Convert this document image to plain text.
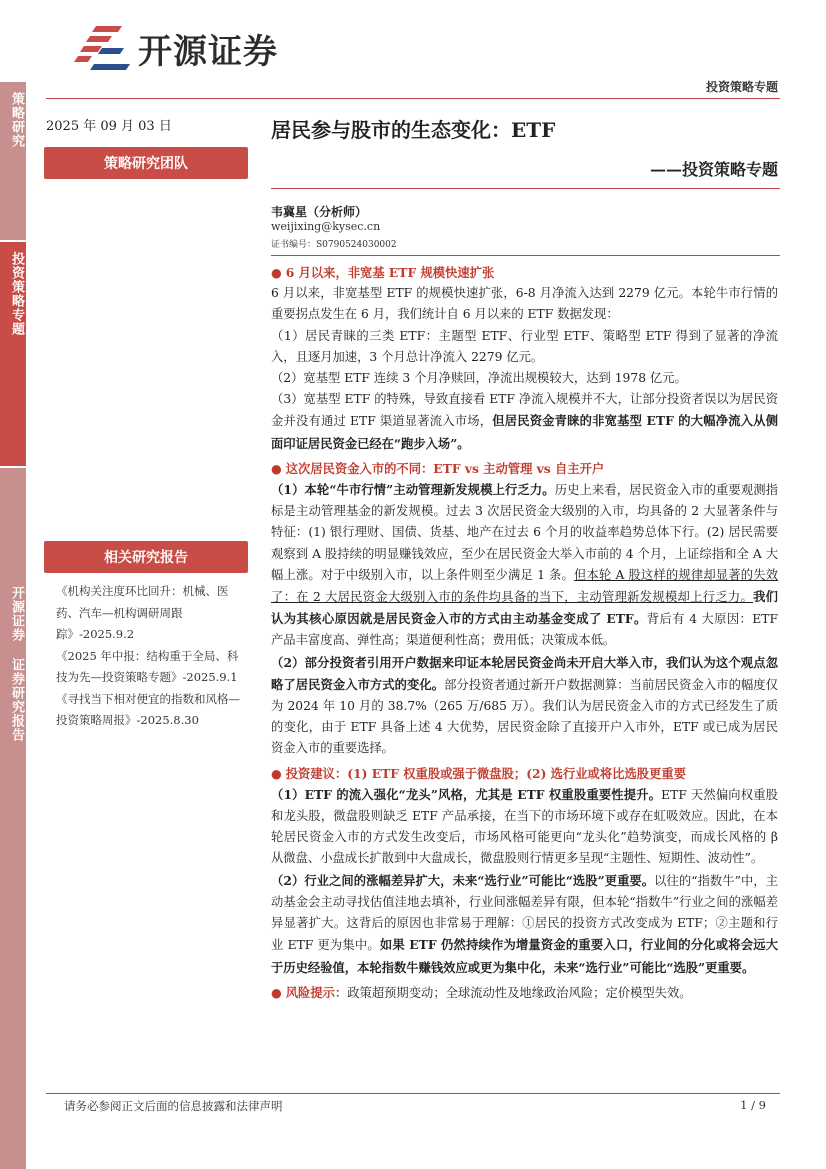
开源证券
投资策略专题
策略研究
投资策略专题
开源证券 证券研究报告
2025 年 09 月 03 日
策略研究团队
相关研究报告
《机构关注度环比回升：机械、医药、汽车—机构调研周跟踪》-2025.9.2
《2025 年中报：结构重于全局、科技为先—投资策略专题》-2025.9.1
《寻找当下相对便宜的指数和风格—投资策略周报》-2025.8.30
居民参与股市的生态变化：ETF
——投资策略专题
韦冀星（分析师）
weijixing@kysec.cn
证书编号：S0790524030002
● 6 月以来，非宽基 ETF 规模快速扩张

6 月以来，非宽基型 ETF 的规模快速扩张，6-8 月净流入达到 2279 亿元。本轮牛市行情的重要拐点发生在 6 月，我们统计自 6 月以来的 ETF 数据发现：

（1）居民青睐的三类 ETF：主题型 ETF、行业型 ETF、策略型 ETF 得到了显著的净流入，且逐月加速，3 个月总计净流入 2279 亿元。

（2）宽基型 ETF 连续 3 个月净赎回，净流出规模较大，达到 1978 亿元。

（3）宽基型 ETF 的特殊，导致直接看 ETF 净流入规模并不大，让部分投资者误以为居民资金并没有通过 ETF 渠道显著流入市场，但居民资金青睐的非宽基型 ETF 的大幅净流入从侧面印证居民资金已经在“跑步入场”。

● 这次居民资金入市的不同：ETF vs 主动管理 vs 自主开户

（1）本轮“牛市行情”主动管理新发规模上行乏力。历史上来看，居民资金入市的重要观测指标是主动管理基金的新发规模。过去 3 次居民资金大级别的入市，均具备的 2 大显著条件与特征：(1) 银行理财、国债、货基、地产在过去 6 个月的收益率趋势总体下行。(2) 居民需要观察到 A 股持续的明显赚钱效应，至少在居民资金大举入市前的 4 个月，上证综指和全 A 大幅上涨。对于中级别入市，以上条件则至少满足 1 条。但本轮 A 股这样的规律却显著的失效了：在 2 大居民资金大级别入市的条件均具备的当下，主动管理新发规模却上行乏力。我们认为其核心原因就是居民资金入市的方式由主动基金变成了 ETF。背后有 4 大原因：ETF 产品丰富度高、弹性高；渠道便利性高；费用低；决策成本低。

（2）部分投资者引用开户数据来印证本轮居民资金尚未开启大举入市，我们认为这个观点忽略了居民资金入市方式的变化。部分投资者通过新开户数据测算：当前居民资金入市的幅度仅为 2024 年 10 月的 38.7%（265 万/685 万）。我们认为居民资金入市的方式已经发生了质的变化，由于 ETF 具备上述 4 大优势，居民资金除了直接开户入市外，ETF 或已成为居民资金入市的重要选择。

● 投资建议：(1) ETF 权重股或强于微盘股；(2) 选行业或将比选股更重要

（1）ETF 的流入强化“龙头”风格，尤其是 ETF 权重股重要性提升。ETF 天然偏向权重股和龙头股，微盘股则缺乏 ETF 产品承接，在当下的市场环境下或存在虹吸效应。因此，在本轮居民资金入市的方式发生改变后，市场风格可能更向“龙头化”趋势演变，而成长风格的 β 从微盘、小盘成长扩散到中大盘成长，微盘股则行情更多呈现“主题性、短期性、波动性”。

（2）行业之间的涨幅差异扩大，未来“选行业”可能比“选股”更重要。以往的“指数牛”中，主动基金会主动寻找估值洼地去填补，行业间涨幅差异有限，但本轮“指数牛”行业之间的涨幅差异显著扩大。这背后的原因也非常易于理解：①居民的投资方式改变成为 ETF；②主题和行业 ETF 更为集中。如果 ETF 仍然持续作为增量资金的重要入口，行业间的分化或将会远大于历史经验值，本轮指数牛赚钱效应或更为集中化，未来“选行业”可能比“选股”更重要。

● 风险提示：政策超预期变动；全球流动性及地缘政治风险；定价模型失效。
请务必参阅正文后面的信息披露和法律声明	1 / 9
